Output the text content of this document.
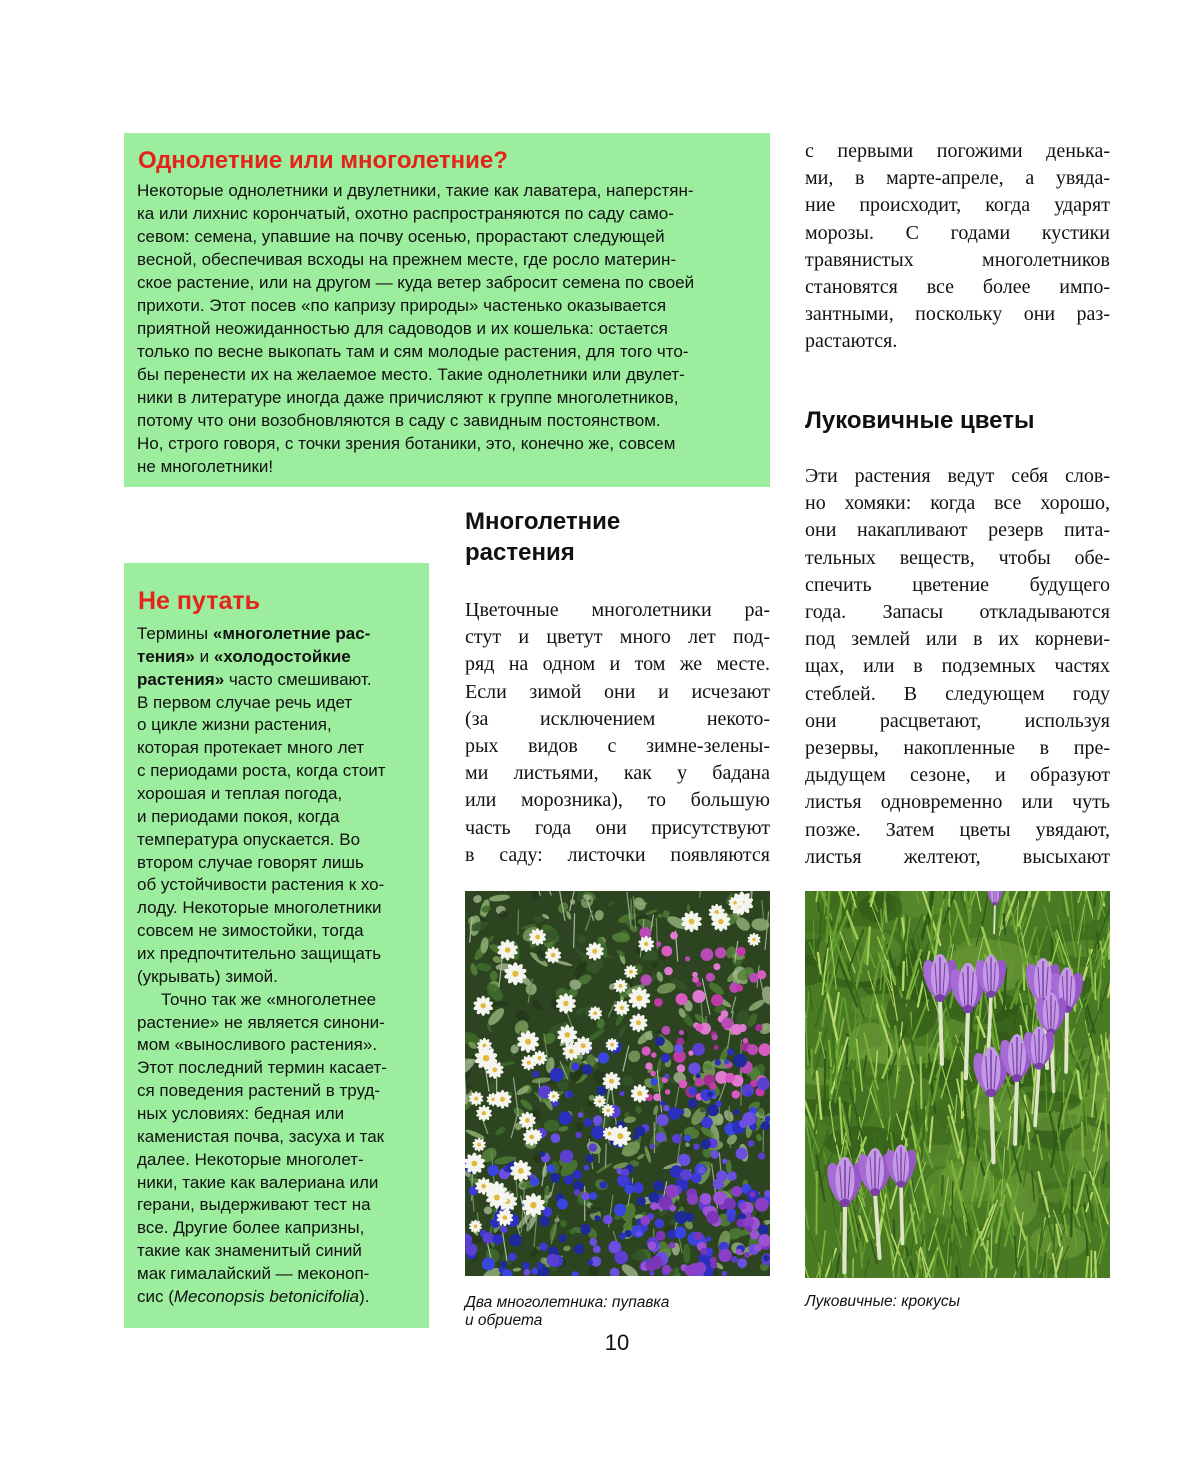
Однолетние или многолетние?
Некоторые однолетники и двулетники, такие как лаватера, наперстян-
ка или лихнис корончатый, охотно распространяются по саду само-
севом: семена, упавшие на почву осенью, прорастают следующей
весной, обеспечивая всходы на прежнем месте, где росло материн-
ское растение, или на другом — куда ветер забросит семена по своей
прихоти. Этот посев «по капризу природы» частенько оказывается
приятной неожиданностью для садоводов и их кошелька: остается
только по весне выкопать там и сям молодые растения, для того что-
бы перенести их на желаемое место. Такие однолетники или двулет-
ники в литературе иногда даже причисляют к группе многолетников,
потому что они возобновляются в саду с завидным постоянством.
Но, строго говоря, с точки зрения ботаники, это, конечно же, совсем
не многолетники!
Не путать
Термины «многолетние рас-
тения» и «холодостойкие
растения» часто смешивают.
В первом случае речь идет
о цикле жизни растения,
которая протекает много лет
с периодами роста, когда стоит
хорошая и теплая погода,
и периодами покоя, когда
температура опускается. Во
втором случае говорят лишь
об устойчивости растения к хо-
лоду. Некоторые многолетники
совсем не зимостойки, тогда
их предпочтительно защищать
(укрывать) зимой.
Точно так же «многолетнее
растение» не является синони-
мом «выносливого растения».
Этот последний термин касает-
ся поведения растений в труд-
ных условиях: бедная или
каменистая почва, засуха и так
далее. Некоторые многолет-
ники, такие как валериана или
герани, выдерживают тест на
все. Другие более капризны,
такие как знаменитый синий
мак гималайский — меконоп-
сис (Meconopsis betonicifolia).
Многолетние
растения
Цветочные многолетники ра-
стут и цветут много лет под-
ряд на одном и том же месте.
Если зимой они и исчезают
(за исключением некото-
рых видов с зимне-зелены-
ми листьями, как у бадана
или морозника), то большую
часть года они присутствуют
в саду: листочки появляются
с первыми погожими денька-
ми, в марте-апреле, а увяда-
ние происходит, когда ударят
морозы. С годами кустики
травянистых многолетников
становятся все более импо-
зантными, поскольку они раз-
растаются.
Луковичные цветы
Эти растения ведут себя слов-
но хомяки: когда все хорошо,
они накапливают резерв пита-
тельных веществ, чтобы обе-
спечить цветение будущего
года. Запасы откладываются
под землей или в их корневи-
щах, или в подземных частях
стеблей. В следующем году
они расцветают, используя
резервы, накопленные в пре-
дыдущем сезоне, и образуют
листья одновременно или чуть
позже. Затем цветы увядают,
листья желтеют, высыхают
Два многолетника: пупавка
и обриета
Луковичные: крокусы
10
